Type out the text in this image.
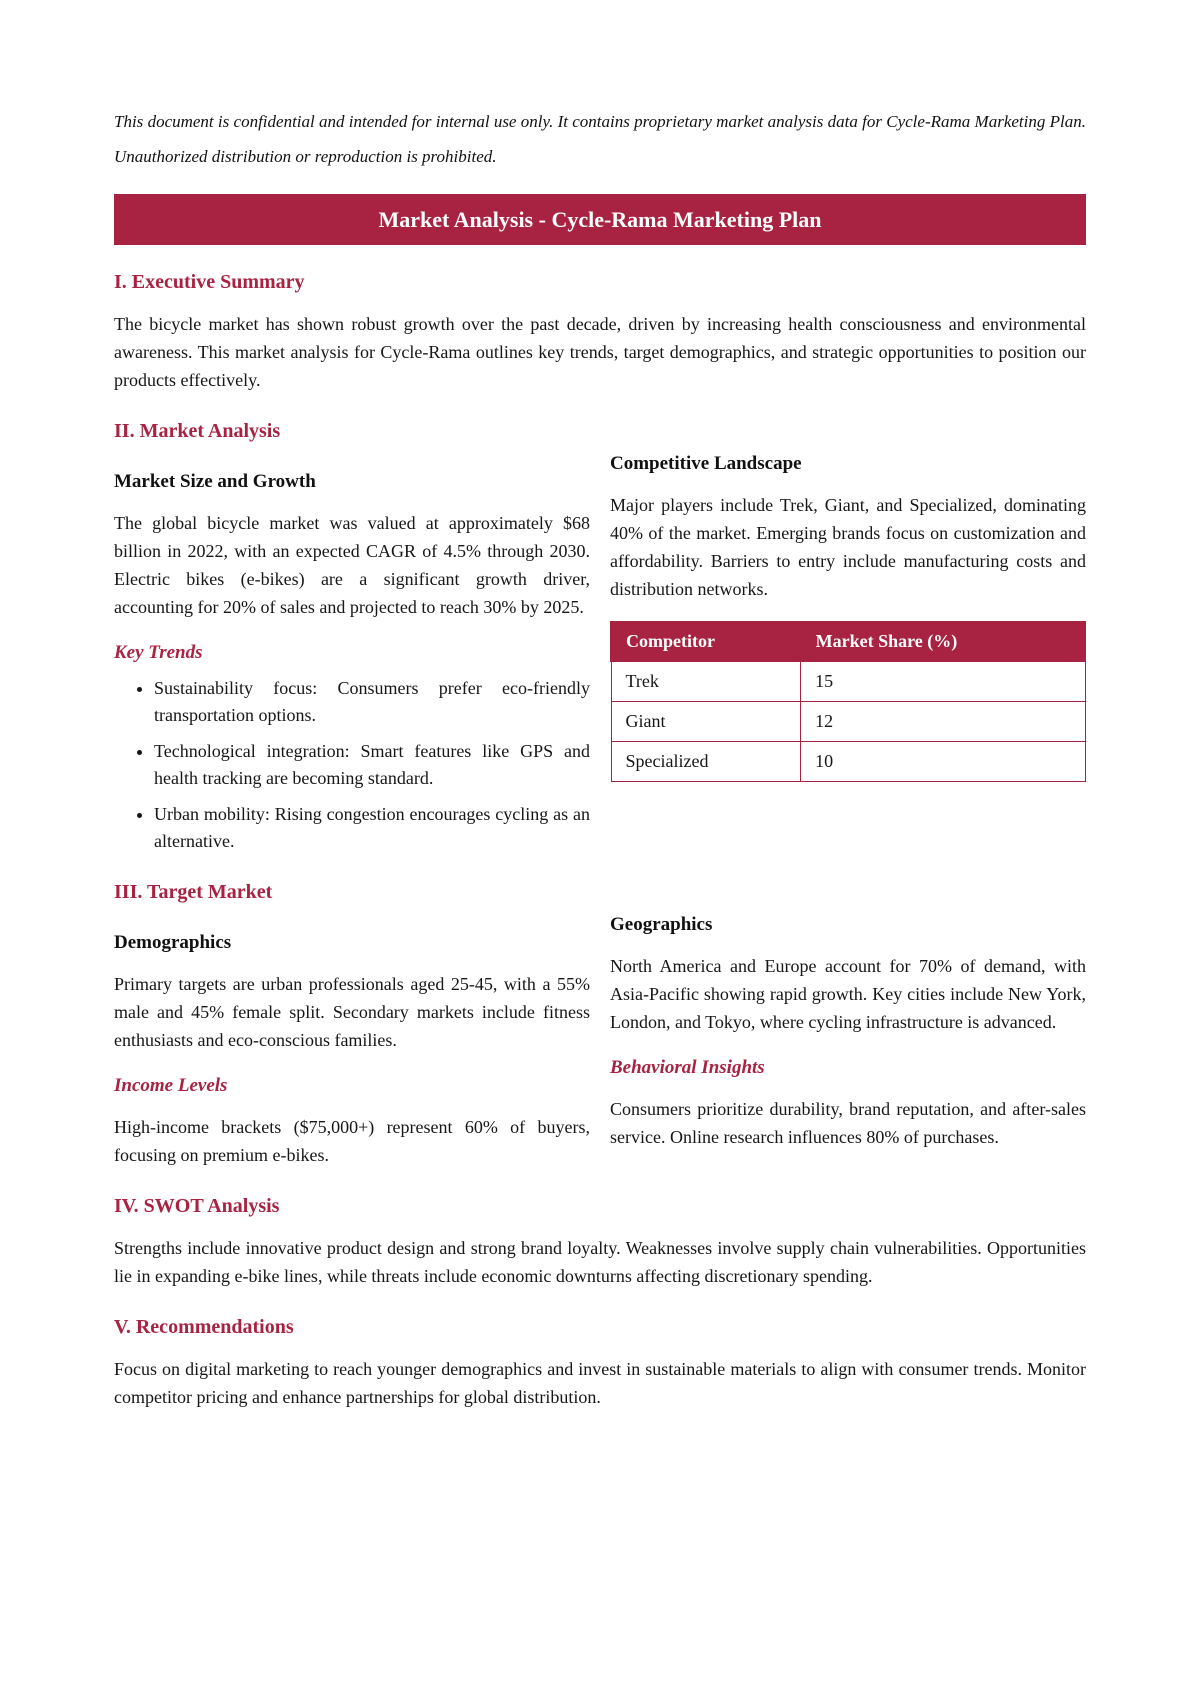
This document is confidential and intended for internal use only. It contains proprietary market analysis data for Cycle-Rama Marketing Plan. Unauthorized distribution or reproduction is prohibited.

Market Analysis - Cycle-Rama Marketing Plan
I. Executive Summary

The bicycle market has shown robust growth over the past decade, driven by increasing health consciousness and environmental awareness. This market analysis for Cycle-Rama outlines key trends, target demographics, and strategic opportunities to position our products effectively.

II. Market Analysis
Market Size and Growth

The global bicycle market was valued at approximately $68 billion in 2022, with an expected CAGR of 4.5% through 2030. Electric bikes (e-bikes) are a significant growth driver, accounting for 20% of sales and projected to reach 30% by 2025.

Key Trends
• Sustainability focus: Consumers prefer eco-friendly transportation options.
• Technological integration: Smart features like GPS and health tracking are becoming standard.
• Urban mobility: Rising congestion encourages cycling as an alternative.
Competitive Landscape

Major players include Trek, Giant, and Specialized, dominating 40% of the market. Emerging brands focus on customization and affordability. Barriers to entry include manufacturing costs and distribution networks.

Competitor	Market Share (%)
Trek	15
Giant	12
Specialized	10
III. Target Market
Demographics

Primary targets are urban professionals aged 25-45, with a 55% male and 45% female split. Secondary markets include fitness enthusiasts and eco-conscious families.

Income Levels

High-income brackets ($75,000+) represent 60% of buyers, focusing on premium e-bikes.

Geographics

North America and Europe account for 70% of demand, with Asia-Pacific showing rapid growth. Key cities include New York, London, and Tokyo, where cycling infrastructure is advanced.

Behavioral Insights

Consumers prioritize durability, brand reputation, and after-sales service. Online research influences 80% of purchases.

IV. SWOT Analysis

Strengths include innovative product design and strong brand loyalty. Weaknesses involve supply chain vulnerabilities. Opportunities lie in expanding e-bike lines, while threats include economic downturns affecting discretionary spending.

V. Recommendations

Focus on digital marketing to reach younger demographics and invest in sustainable materials to align with consumer trends. Monitor competitor pricing and enhance partnerships for global distribution.
